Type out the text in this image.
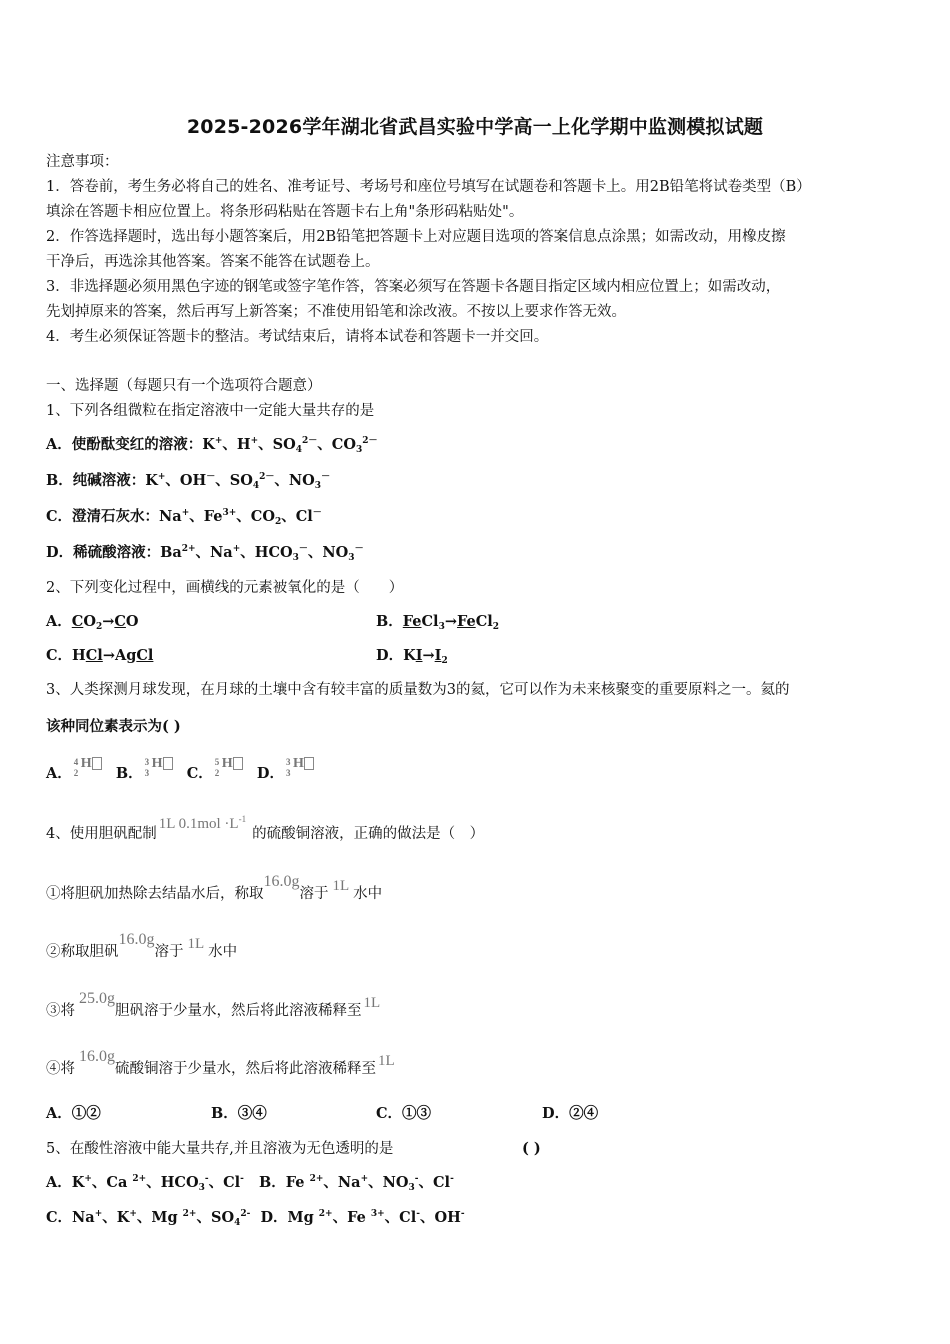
2025-2026学年湖北省武昌实验中学高一上化学期中监测模拟试题
注意事项：
1．答卷前，考生务必将自己的姓名、准考证号、考场号和座位号填写在试题卷和答题卡上。用2B铅笔将试卷类型（B）
填涂在答题卡相应位置上。将条形码粘贴在答题卡右上角"条形码粘贴处"。
2．作答选择题时，选出每小题答案后，用2B铅笔把答题卡上对应题目选项的答案信息点涂黑；如需改动，用橡皮擦
干净后，再选涂其他答案。答案不能答在试题卷上。
3．非选择题必须用黑色字迹的钢笔或签字笔作答，答案必须写在答题卡各题目指定区域内相应位置上；如需改动，
先划掉原来的答案，然后再写上新答案；不准使用铅笔和涂改液。不按以上要求作答无效。
4．考生必须保证答题卡的整洁。考试结束后，请将本试卷和答题卡一并交回。
一、选择题（每题只有一个选项符合题意）
1、下列各组微粒在指定溶液中一定能大量共存的是
A．使酚酞变红的溶液：K+、H+、$SO_4^{2-}$、$CO_3^{2-}$
B．纯碱溶液：K+、OH－、$SO_4^{2-}$、$NO_3^-$
C．澄清石灰水：Na+、$Fe^{3+}$、$CO_2$、Cl－
D．稀硫酸溶液：$Ba^{2+}$、Na+、$HCO_3^-$、$NO_3^-$
2、下列变化过程中，画横线的元素被氧化的是（　　）
A．$CO_2\to CO$	B．FeCl$_3$→FeCl$_2$
C．HCl→AgCl	D．$KI\to I_2$
3、人类探测月球发现，在月球的土壤中含有较丰富的质量数为3的氦，它可以作为未来核聚变的重要原料之一。氦的
该种同位素表示为( )
A．
4
2
H
B．
3
3
H
C．
5
2
H
D．
3
3
H
4、使用胆矾配制1L $0.1mol \cdot L^{-1}$的硫酸铜溶液，正确的做法是（　）
①将胆矾加热除去结晶水后，称取16.0g溶于 1L 水中
②称取胆矾16.0g溶于 1L 水中
③将25.0g胆矾溶于少量水，然后将此溶液稀释至 1L
④将16.0g硫酸铜溶于少量水，然后将此溶液稀释至 1L
A．①②	B．③④	C．①③	D．②④
5、在酸性溶液中能大量共存,并且溶液为无色透明的是	( )
A．K+、Ca $^{2+}$、$HCO_3^-$、Cl-   B．Fe $^{2+}$、Na+、$NO_3^-$、Cl-
C．Na+、K+、Mg $^{2+}$、$SO_4^{2-}$  D．Mg $^{2+}$、Fe $^{3+}$、Cl-、OH-
